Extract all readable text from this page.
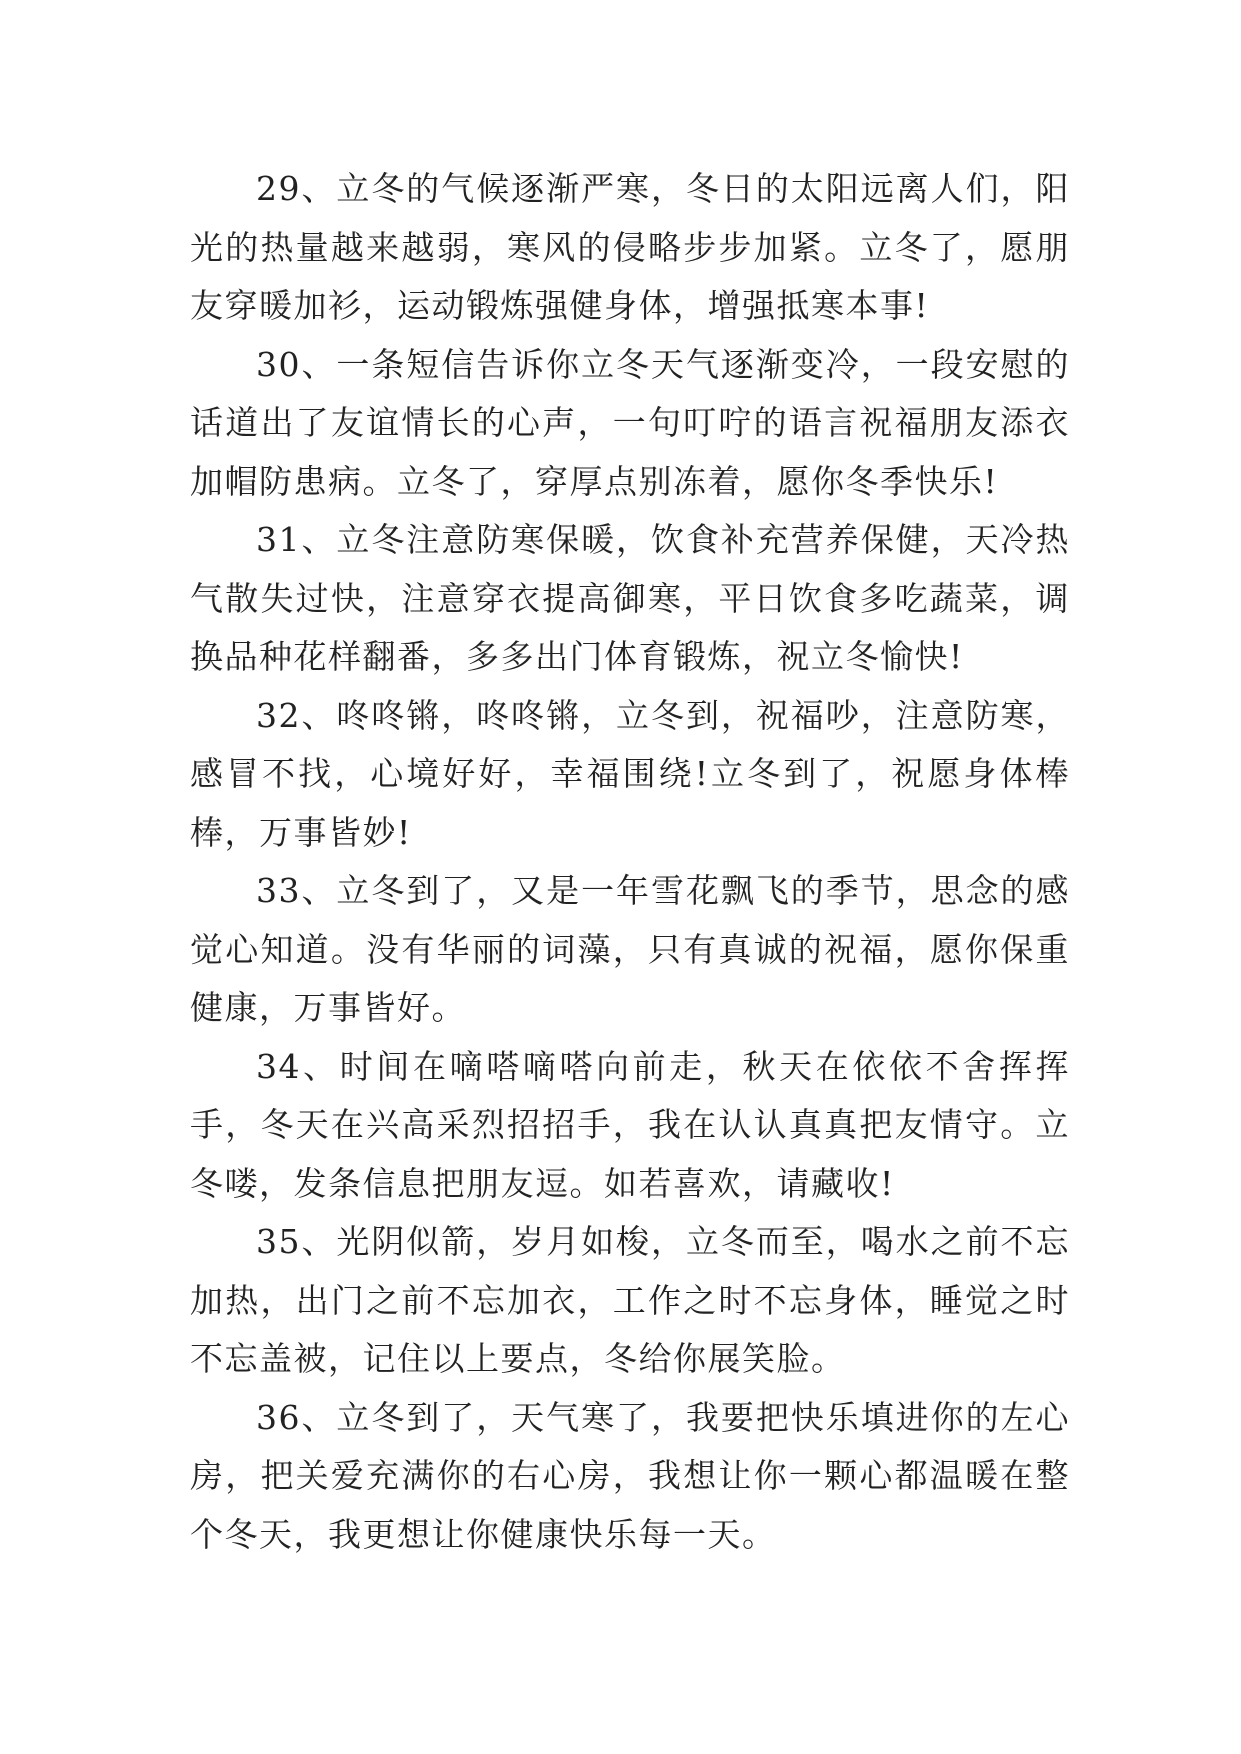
29、立冬的气候逐渐严寒，冬日的太阳远离人们，阳光的热量越来越弱，寒风的侵略步步加紧。立冬了，愿朋友穿暖加衫，运动锻炼强健身体，增强抵寒本事!

30、一条短信告诉你立冬天气逐渐变冷，一段安慰的话道出了友谊情长的心声，一句叮咛的语言祝福朋友添衣加帽防患病。立冬了，穿厚点别冻着，愿你冬季快乐!

31、立冬注意防寒保暖，饮食补充营养保健，天冷热气散失过快，注意穿衣提高御寒，平日饮食多吃蔬菜，调换品种花样翻番，多多出门体育锻炼，祝立冬愉快!

32、咚咚锵，咚咚锵，立冬到，祝福吵，注意防寒，感冒不找，心境好好，幸福围绕!立冬到了，祝愿身体棒棒，万事皆妙!

33、立冬到了，又是一年雪花飘飞的季节，思念的感觉心知道。没有华丽的词藻，只有真诚的祝福，愿你保重健康，万事皆好。

34、时间在嘀嗒嘀嗒向前走，秋天在依依不舍挥挥手，冬天在兴高采烈招招手，我在认认真真把友情守。立冬喽，发条信息把朋友逗。如若喜欢，请藏收!

35、光阴似箭，岁月如梭，立冬而至，喝水之前不忘加热，出门之前不忘加衣，工作之时不忘身体，睡觉之时不忘盖被，记住以上要点，冬给你展笑脸。

36、立冬到了，天气寒了，我要把快乐填进你的左心房，把关爱充满你的右心房，我想让你一颗心都温暖在整个冬天，我更想让你健康快乐每一天。
